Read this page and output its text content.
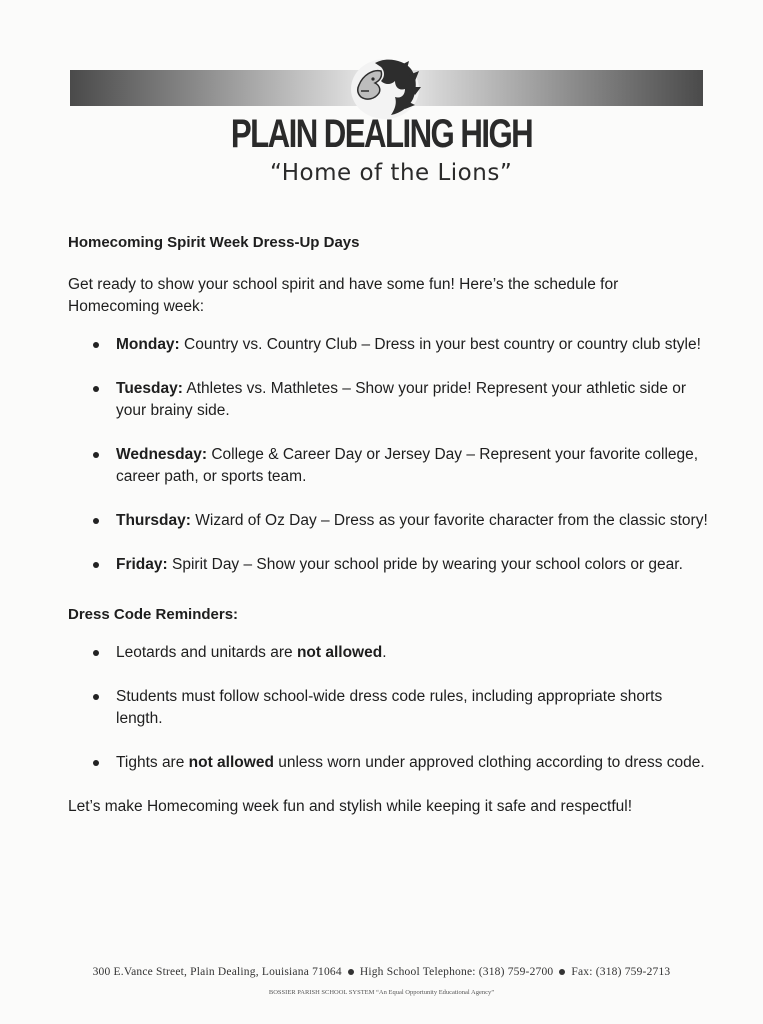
PLAIN DEALING HIGH
“Home of the Lions”

Homecoming Spirit Week Dress-Up Days

Get ready to show your school spirit and have some fun! Here’s the schedule for Homecoming week:

Monday: Country vs. Country Club – Dress in your best country or country club style!
Tuesday: Athletes vs. Mathletes – Show your pride! Represent your athletic side or your brainy side.
Wednesday: College & Career Day or Jersey Day – Represent your favorite college, career path, or sports team.
Thursday: Wizard of Oz Day – Dress as your favorite character from the classic story!
Friday: Spirit Day – Show your school pride by wearing your school colors or gear.

Dress Code Reminders:

Leotards and unitards are not allowed.
Students must follow school-wide dress code rules, including appropriate shorts length.
Tights are not allowed unless worn under approved clothing according to dress code.

Let’s make Homecoming week fun and stylish while keeping it safe and respectful!

300 E.Vance Street, Plain Dealing, Louisiana 71064 High School Telephone: (318) 759-2700 Fax: (318) 759-2713
BOSSIER PARISH SCHOOL SYSTEM “An Equal Opportunity Educational Agency”
